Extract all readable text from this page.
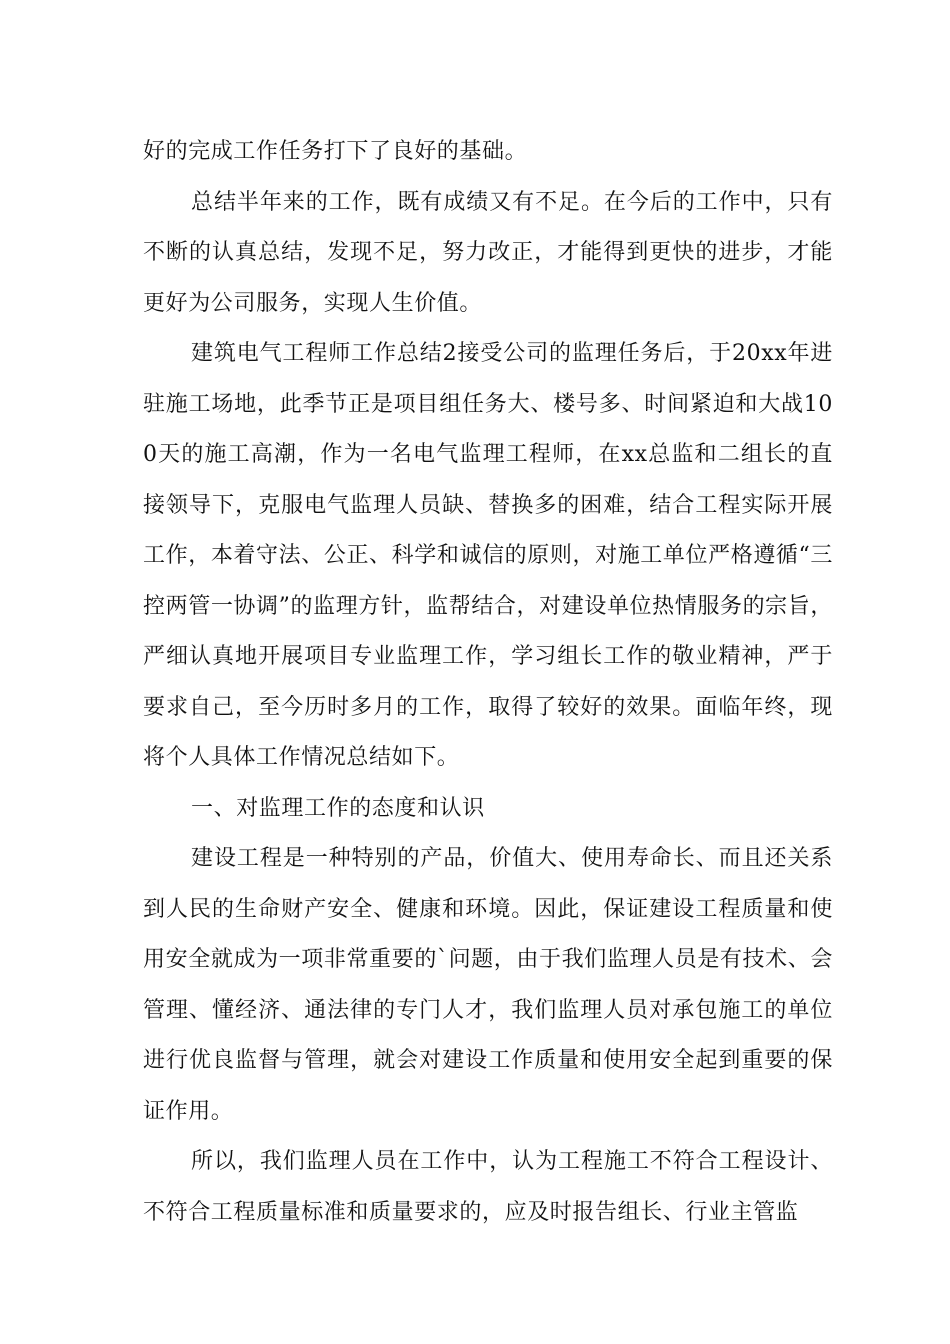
好的完成工作任务打下了良好的基础。

总结半年来的工作，既有成绩又有不足。在今后的工作中，只有不断的认真总结，发现不足，努力改正，才能得到更快的进步，才能更好为公司服务，实现人生价值。

建筑电气工程师工作总结2接受公司的监理任务后，于20xx年进驻施工场地，此季节正是项目组任务大、楼号多、时间紧迫和大战100天的施工高潮，作为一名电气监理工程师，在xx总监和二组长的直接领导下，克服电气监理人员缺、替换多的困难，结合工程实际开展工作，本着守法、公正、科学和诚信的原则，对施工单位严格遵循“三控两管一协调”的监理方针，监帮结合，对建设单位热情服务的宗旨，严细认真地开展项目专业监理工作，学习组长工作的敬业精神，严于要求自己，至今历时多月的工作，取得了较好的效果。面临年终，现将个人具体工作情况总结如下。

一、对监理工作的态度和认识

建设工程是一种特别的产品，价值大、使用寿命长、而且还关系到人民的生命财产安全、健康和环境。因此，保证建设工程质量和使用安全就成为一项非常重要的`问题，由于我们监理人员是有技术、会管理、懂经济、通法律的专门人才，我们监理人员对承包施工的单位进行优良监督与管理，就会对建设工作质量和使用安全起到重要的保证作用。

所以，我们监理人员在工作中，认为工程施工不符合工程设计、不符合工程质量标准和质量要求的，应及时报告组长、行业主管监
